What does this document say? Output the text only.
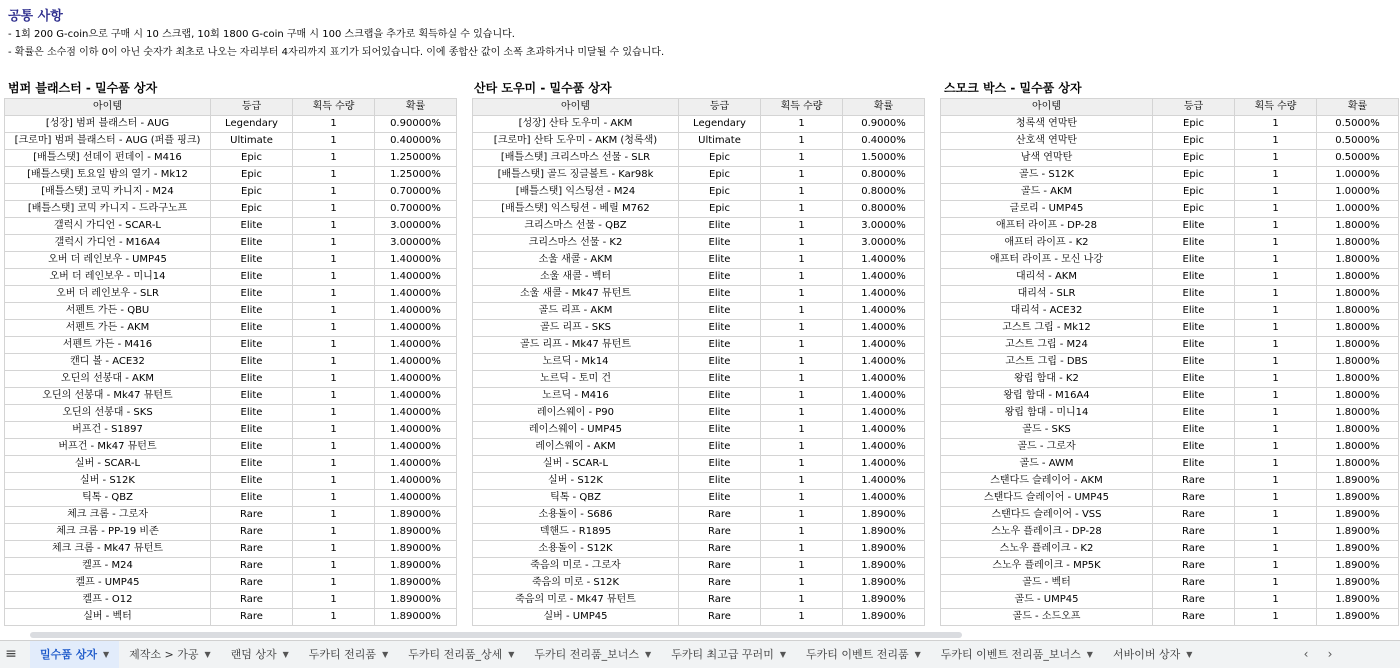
공통 사항
- 1회 200 G-coin으로 구매 시 10 스크랩, 10회 1800 G-coin 구매 시 100 스크랩을 추가로 획득하실 수 있습니다.
- 확률은 소수점 이하 0이 아닌 숫자가 최초로 나오는 자리부터 4자리까지 표기가 되어있습니다. 이에 종합산 값이 소폭 초과하거나 미달될 수 있습니다.
범퍼 블래스터 - 밀수품 상자	산타 도우미 - 밀수품 상자	스모크 박스 - 밀수품 상자
아이템	등급	획득 수량	확률
[성장] 범퍼 블래스터 - AUG	Legendary	1	0.90000%
[크로마] 범퍼 블래스터 - AUG (퍼플 핑크)	Ultimate	1	0.40000%
[배틀스탯] 선데이 펀데이 - M416	Epic	1	1.25000%
[배틀스탯] 토요일 밤의 열기 - Mk12	Epic	1	1.25000%
[배틀스탯] 코믹 카니지 - M24	Epic	1	0.70000%
[배틀스탯] 코믹 카니지 - 드라구노프	Epic	1	0.70000%
갤럭시 가디언 - SCAR-L	Elite	1	3.00000%
갤럭시 가디언 - M16A4	Elite	1	3.00000%
오버 더 레인보우 - UMP45	Elite	1	1.40000%
오버 더 레인보우 - 미니14	Elite	1	1.40000%
오버 더 레인보우 - SLR	Elite	1	1.40000%
서펜트 가든 - QBU	Elite	1	1.40000%
서펜트 가든 - AKM	Elite	1	1.40000%
서펜트 가든 - M416	Elite	1	1.40000%
캔디 볼 - ACE32	Elite	1	1.40000%
오딘의 선봉대 - AKM	Elite	1	1.40000%
오딘의 선봉대 - Mk47 뮤턴트	Elite	1	1.40000%
오딘의 선봉대 - SKS	Elite	1	1.40000%
버프건 - S1897	Elite	1	1.40000%
버프건 - Mk47 뮤턴트	Elite	1	1.40000%
실버 - SCAR-L	Elite	1	1.40000%
실버 - S12K	Elite	1	1.40000%
틱톡 - QBZ	Elite	1	1.40000%
체크 크롬 - 그로자	Rare	1	1.89000%
체크 크롬 - PP-19 비존	Rare	1	1.89000%
체크 크롬 - Mk47 뮤턴트	Rare	1	1.89000%
켈프 - M24	Rare	1	1.89000%
켈프 - UMP45	Rare	1	1.89000%
켈프 - O12	Rare	1	1.89000%
실버 - 벡터	Rare	1	1.89000%
아이템	등급	획득 수량	확률
[성장] 산타 도우미 - AKM	Legendary	1	0.9000%
[크로마] 산타 도우미 - AKM (청록색)	Ultimate	1	0.4000%
[배틀스탯] 크리스마스 선물 - SLR	Epic	1	1.5000%
[배틀스탯] 골드 징글볼트 - Kar98k	Epic	1	0.8000%
[배틀스탯] 익스팅션 - M24	Epic	1	0.8000%
[배틀스탯] 익스팅션 - 베릴 M762	Epic	1	0.8000%
크리스마스 선물 - QBZ	Elite	1	3.0000%
크리스마스 선물 - K2	Elite	1	3.0000%
소울 새콜 - AKM	Elite	1	1.4000%
소울 새콜 - 벡터	Elite	1	1.4000%
소울 새콜 - Mk47 뮤턴트	Elite	1	1.4000%
골드 리프 - AKM	Elite	1	1.4000%
골드 리프 - SKS	Elite	1	1.4000%
골드 리프 - Mk47 뮤턴트	Elite	1	1.4000%
노르딕 - Mk14	Elite	1	1.4000%
노르딕 - 토미 건	Elite	1	1.4000%
노르딕 - M416	Elite	1	1.4000%
레이스웨이 - P90	Elite	1	1.4000%
레이스웨이 - UMP45	Elite	1	1.4000%
레이스웨이 - AKM	Elite	1	1.4000%
실버 - SCAR-L	Elite	1	1.4000%
실버 - S12K	Elite	1	1.4000%
틱톡 - QBZ	Elite	1	1.4000%
소용돌이 - S686	Rare	1	1.8900%
덱핸드 - R1895	Rare	1	1.8900%
소용돌이 - S12K	Rare	1	1.8900%
죽음의 미로 - 그로자	Rare	1	1.8900%
죽음의 미로 - S12K	Rare	1	1.8900%
죽음의 미로 - Mk47 뮤턴트	Rare	1	1.8900%
실버 - UMP45	Rare	1	1.8900%
아이템	등급	획득 수량	확률
청록색 연막탄	Epic	1	0.5000%
산호색 연막탄	Epic	1	0.5000%
남색 연막탄	Epic	1	0.5000%
골드 - S12K	Epic	1	1.0000%
골드 - AKM	Epic	1	1.0000%
글로리 - UMP45	Epic	1	1.0000%
애프터 라이프 - DP-28	Elite	1	1.8000%
애프터 라이프 - K2	Elite	1	1.8000%
애프터 라이프 - 모신 나강	Elite	1	1.8000%
대리석 - AKM	Elite	1	1.8000%
대리석 - SLR	Elite	1	1.8000%
대리석 - ACE32	Elite	1	1.8000%
고스트 그립 - Mk12	Elite	1	1.8000%
고스트 그립 - M24	Elite	1	1.8000%
고스트 그립 - DBS	Elite	1	1.8000%
왕립 함대 - K2	Elite	1	1.8000%
왕립 함대 - M16A4	Elite	1	1.8000%
왕립 함대 - 미니14	Elite	1	1.8000%
골드 - SKS	Elite	1	1.8000%
골드 - 그로자	Elite	1	1.8000%
골드 - AWM	Elite	1	1.8000%
스탠다드 슬레이어 - AKM	Rare	1	1.8900%
스탠다드 슬레이어 - UMP45	Rare	1	1.8900%
스탠다드 슬레이어 - VSS	Rare	1	1.8900%
스노우 플레이크 - DP-28	Rare	1	1.8900%
스노우 플레이크 - K2	Rare	1	1.8900%
스노우 플레이크 - MP5K	Rare	1	1.8900%
골드 - 벡터	Rare	1	1.8900%
골드 - UMP45	Rare	1	1.8900%
골드 - 소드오프	Rare	1	1.8900%
≡ 밀수품 상자 ▼ 제작소 > 가공 ▼ 랜덤 상자 ▼ 두카티 전리품 ▼ 두카티 전리품_상세 ▼ 두카티 전리품_보너스 ▼ 두카티 최고급 꾸러미 ▼ 두카티 이벤트 전리품 ▼ 두카티 이벤트 전리품_보너스 ▼ 서바이버 상자 ▼	‹	›
